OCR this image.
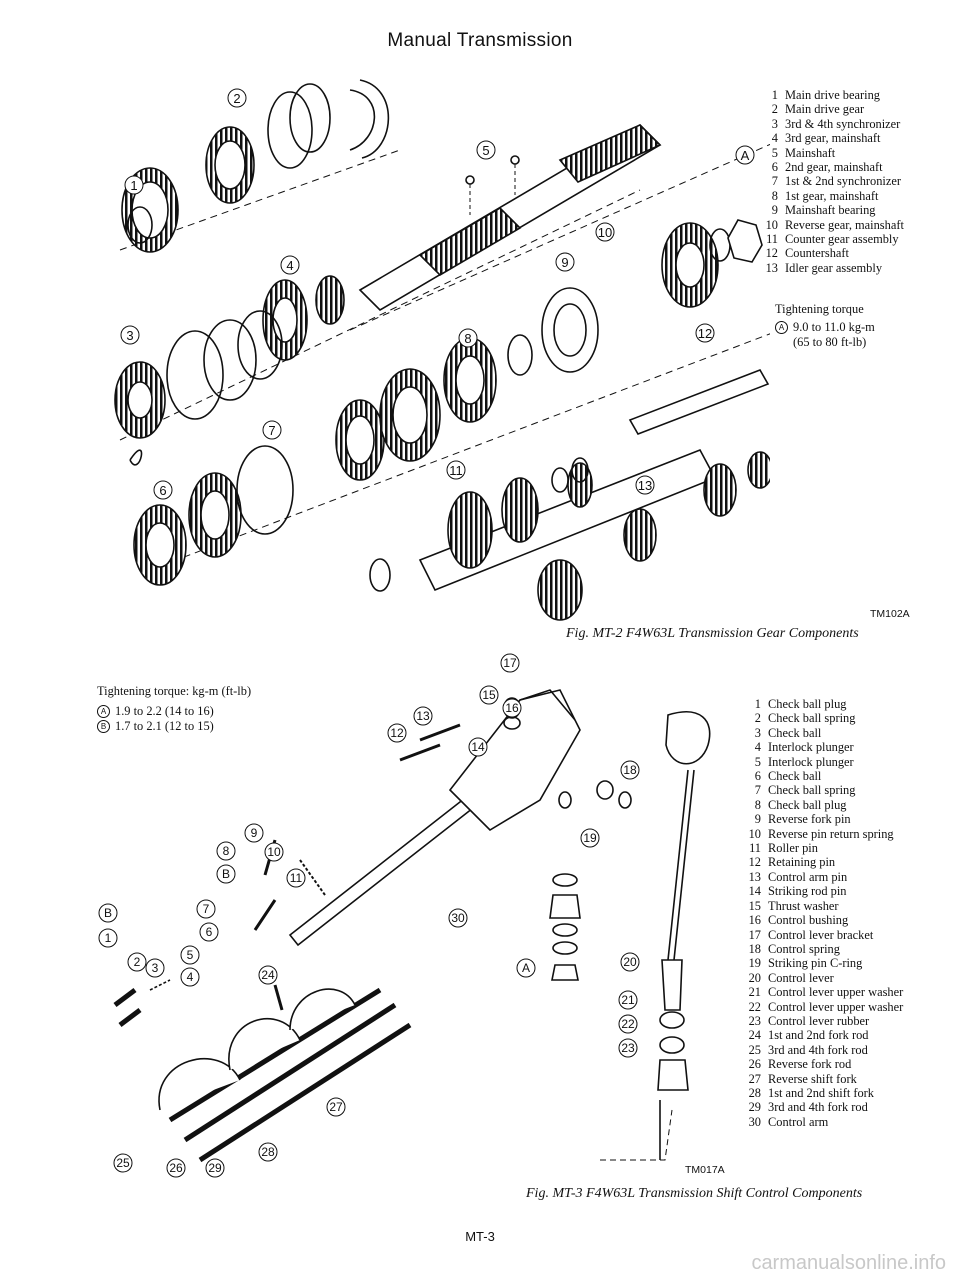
Manual Transmission
2
1
5	A
10
4	9
3	8	12
7
11
13
6
1 Main drive bearing
2 Main drive gear
3 3rd & 4th synchronizer
4 3rd gear, mainshaft
5 Mainshaft
6 2nd gear, mainshaft
7 1st & 2nd synchronizer
8 1st gear, mainshaft
9 Mainshaft bearing
10 Reverse gear, mainshaft
11 Counter gear assembly
12 Countershaft
13 Idler gear assembly
Tightening torque
A 9.0 to 11.0 kg-m
(65 to 80 ft-lb)
TM102A
Fig. MT-2 F4W63L Transmission Gear Components
17
15
16
13
12
14
18
19
9
8	10
11
B
30
B
1
7
6
5
4
2 3	24	A	20
21
22
23
27
28
25	26 29
Tightening torque: kg-m (ft-lb)
A 1.9 to 2.2 (14 to 16)
B 1.7 to 2.1 (12 to 15)
1 Check ball plug
2 Check ball spring
3 Check ball
4 Interlock plunger
5 Interlock plunger
6 Check ball
7 Check ball spring
8 Check ball plug
9 Reverse fork pin
10 Reverse pin return spring
11 Roller pin
12 Retaining pin
13 Control arm pin
14 Striking rod pin
15 Thrust washer
16 Control bushing
17 Control lever bracket
18 Control spring
19 Striking pin C-ring
20 Control lever
21 Control lever upper washer
22 Control lever upper washer
23 Control lever rubber
24 1st and 2nd fork rod
25 3rd and 4th fork rod
26 Reverse fork rod
27 Reverse shift fork
28 1st and 2nd shift fork
29 3rd and 4th fork rod
30 Control arm
TM017A
Fig. MT-3 F4W63L Transmission Shift Control Components
MT-3
carmanualsonline.info
